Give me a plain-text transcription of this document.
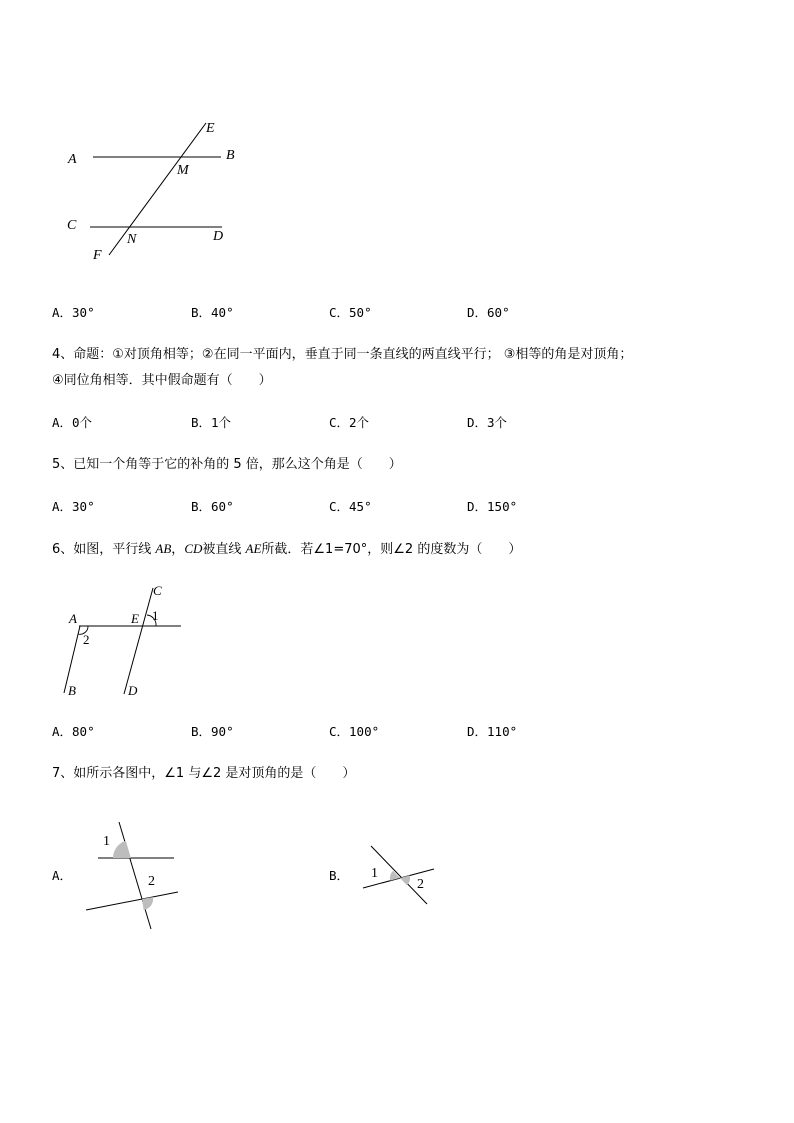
A	B
C
D
E
F
M
N
A．30°	B．40°	C．50°	D．60°
4、命题：①对顶角相等；②在同一平面内，垂直于同一条直线的两直线平行； ③相等的角是对顶角；
④同位角相等．其中假命题有（　　）
A．0个	B．1个	C．2个	D．3个
5、已知一个角等于它的补角的 5 倍，那么这个角是（　　）
A．30°	B．60°	C．45°	D．150°
6、如图，平行线 AB，CD被直线 AE所截．若∠1=70°，则∠2 的度数为（　　）
A
B
C
D
E 1
2
A．80°	B．90°	C．100°	D．110°
7、如所示各图中，∠1 与∠2 是对顶角的是（　　）
A．
1
2	B． 1
2
